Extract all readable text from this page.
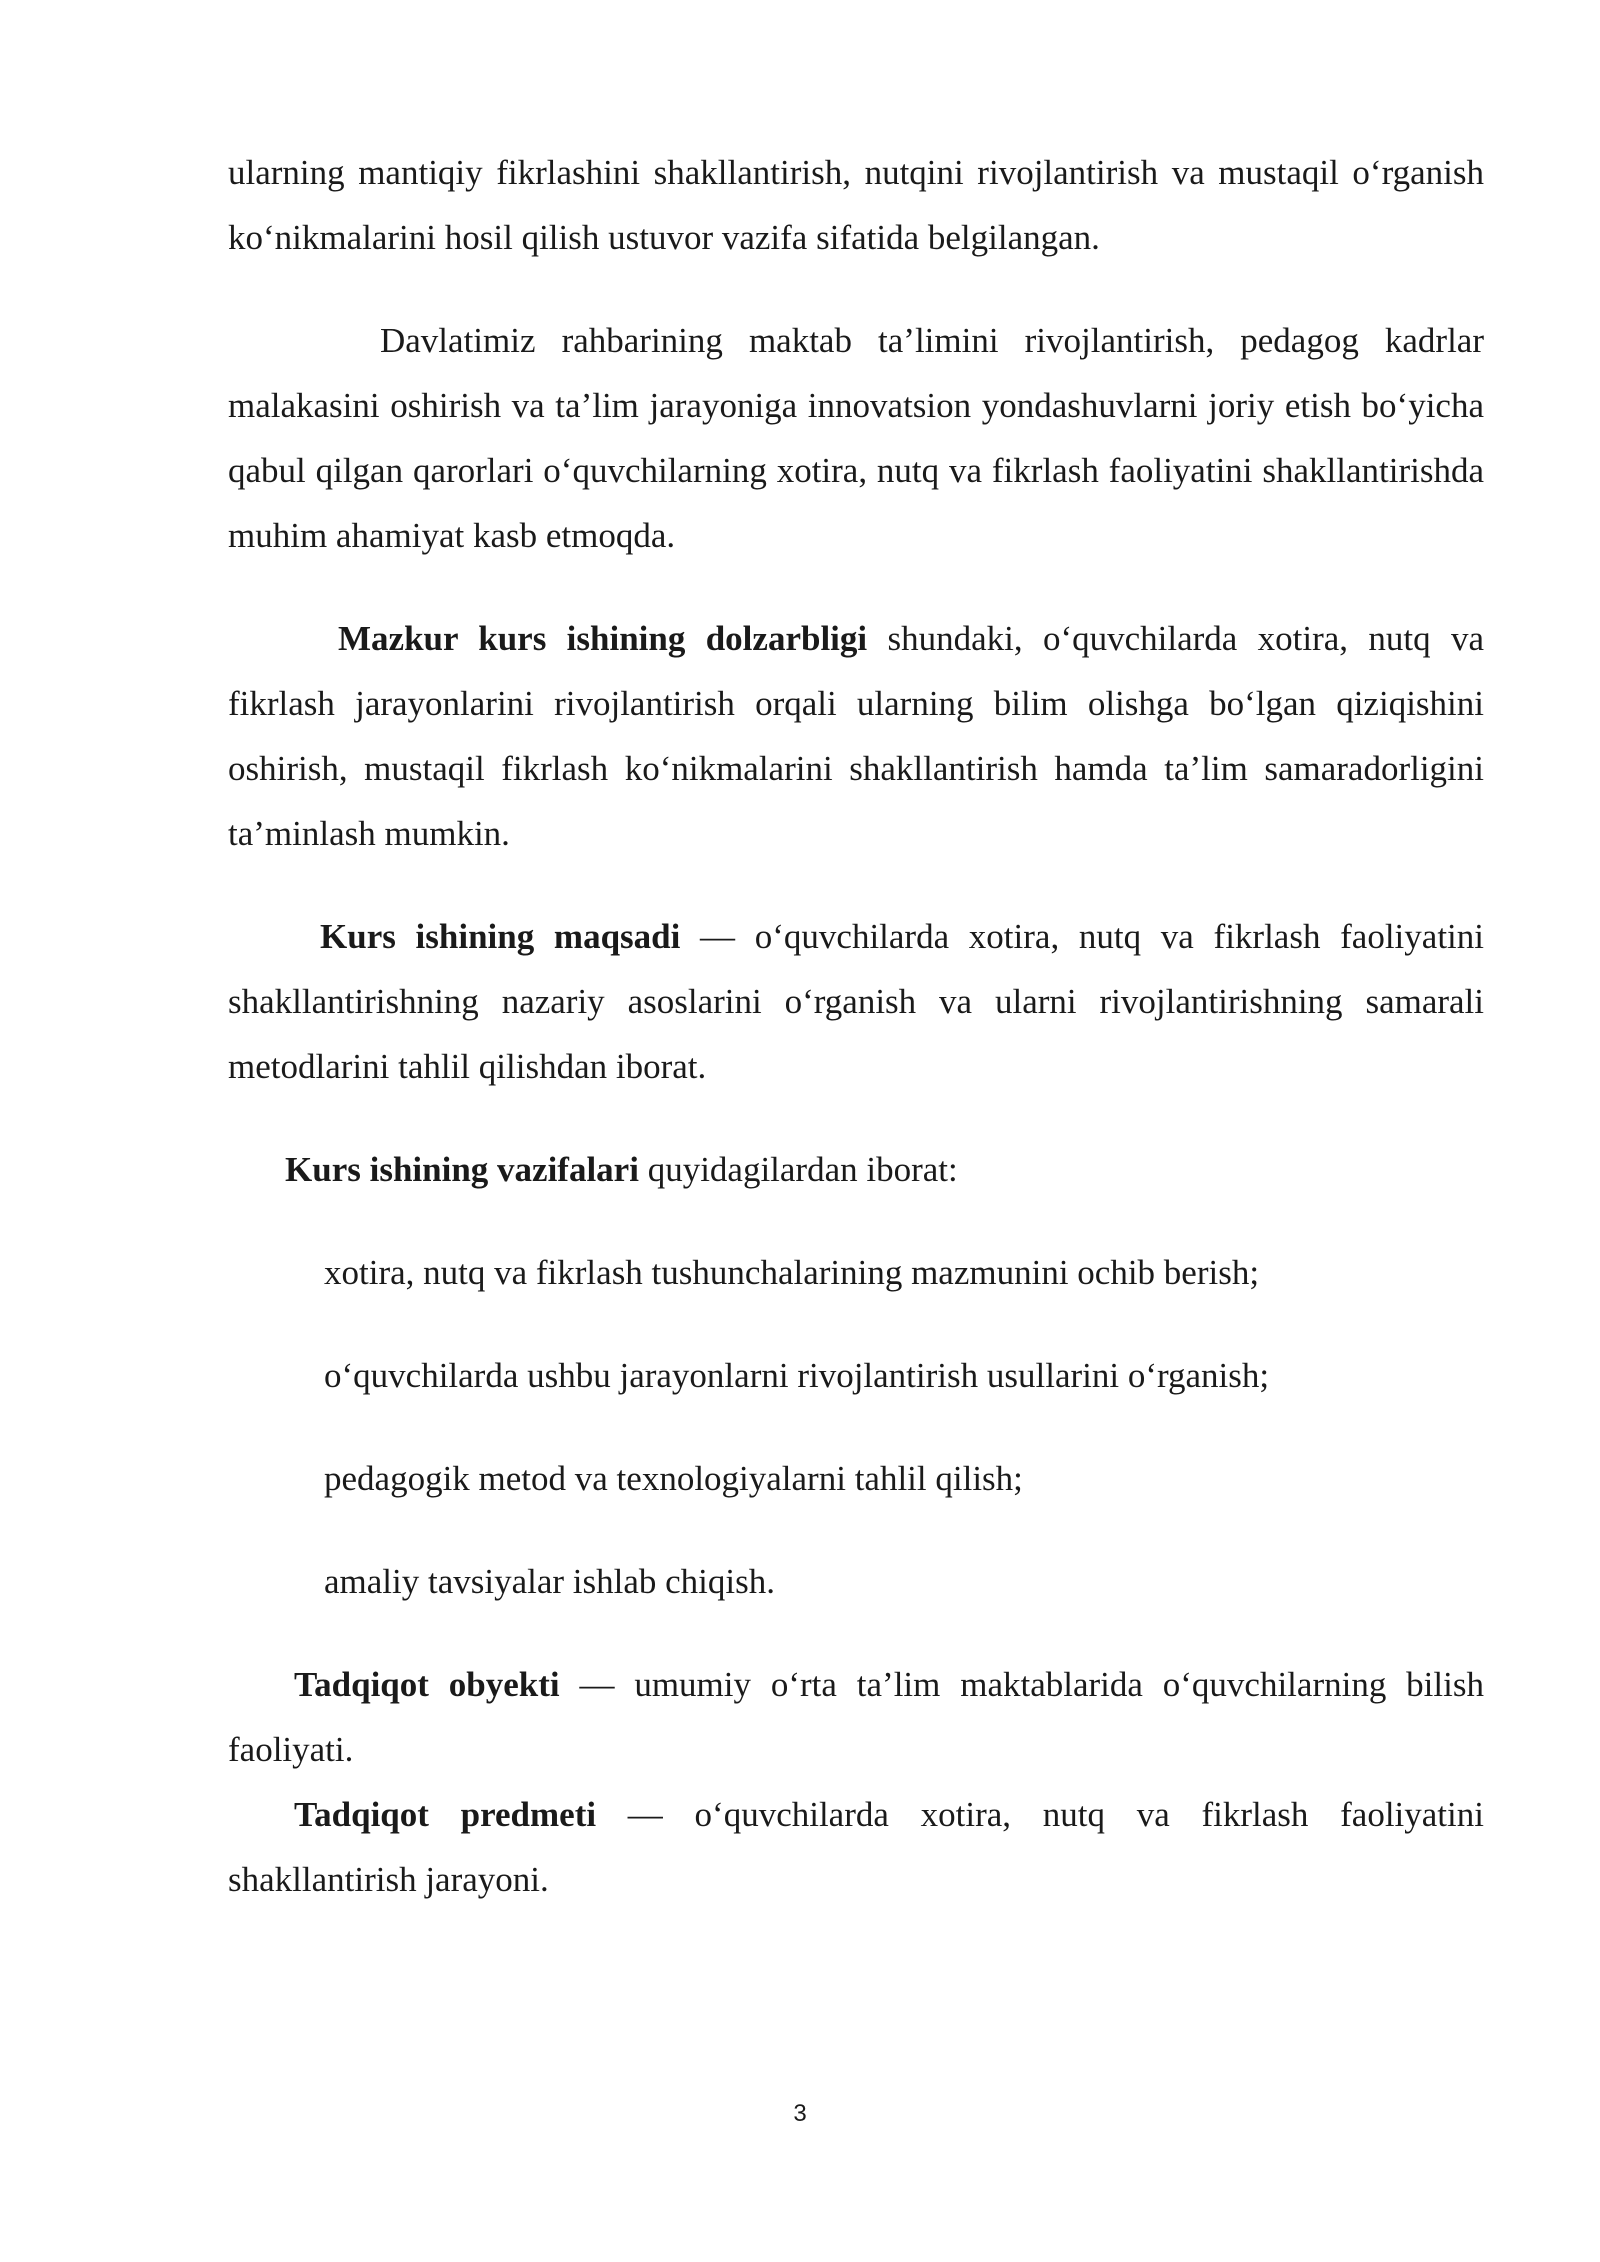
ularning mantiqiy fikrlashini shakllantirish, nutqini rivojlantirish va mustaqil o‘rganish ko‘nikmalarini hosil qilish ustuvor vazifa sifatida belgilangan.

Davlatimiz rahbarining maktab ta’limini rivojlantirish, pedagog kadrlar malakasini oshirish va ta’lim jarayoniga innovatsion yondashuvlarni joriy etish bo‘yicha qabul qilgan qarorlari o‘quvchilarning xotira, nutq va fikrlash faoliyatini shakllantirishda muhim ahamiyat kasb etmoqda.

Mazkur kurs ishining dolzarbligi shundaki, o‘quvchilarda xotira, nutq va fikrlash jarayonlarini rivojlantirish orqali ularning bilim olishga bo‘lgan qiziqishini oshirish, mustaqil fikrlash ko‘nikmalarini shakllantirish hamda ta’lim samaradorligini ta’minlash mumkin.

Kurs ishining maqsadi — o‘quvchilarda xotira, nutq va fikrlash faoliyatini shakllantirishning nazariy asoslarini o‘rganish va ularni rivojlantirishning samarali metodlarini tahlil qilishdan iborat.

Kurs ishining vazifalari quyidagilardan iborat:

xotira, nutq va fikrlash tushunchalarining mazmunini ochib berish;

o‘quvchilarda ushbu jarayonlarni rivojlantirish usullarini o‘rganish;

pedagogik metod va texnologiyalarni tahlil qilish;

amaliy tavsiyalar ishlab chiqish.

Tadqiqot obyekti — umumiy o‘rta ta’lim maktablarida o‘quvchilarning bilish faoliyati.

Tadqiqot predmeti — o‘quvchilarda xotira, nutq va fikrlash faoliyatini shakllantirish jarayoni.

3
